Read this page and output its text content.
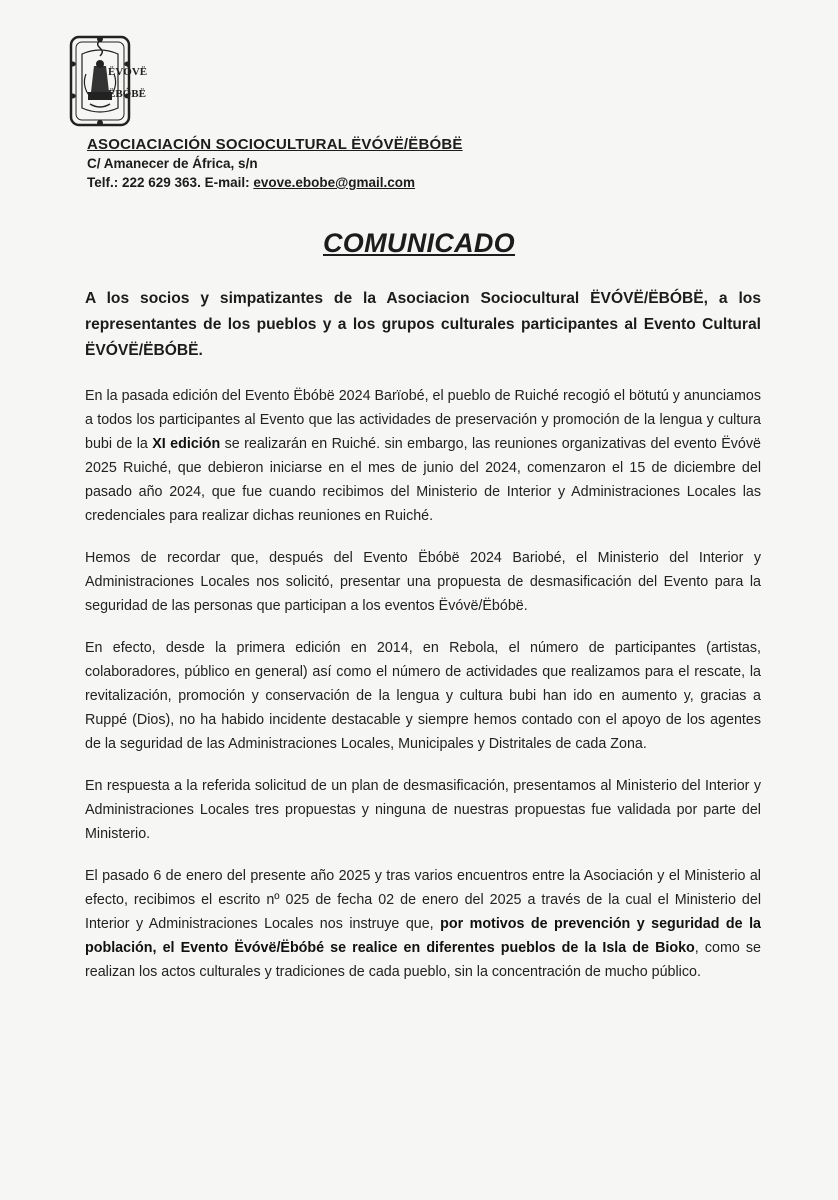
ËVÓVË
ËBÓBË

ASOCIACIACIÓN SOCIOCULTURAL ËVÓVË/ËBÓBË

C/ Amanecer de África, s/n

Telf.: 222 629 363. E-mail: evove.ebobe@gmail.com

COMUNICADO

A los socios y simpatizantes de la Asociacion Sociocultural ËVÓVË/ËBÓBË, a los representantes de los pueblos y a los grupos culturales participantes al Evento Cultural ËVÓVË/ËBÓBË.

En la pasada edición del Evento Ëbóbë 2024 Barïobé, el pueblo de Ruiché recogió el bötutú y anunciamos a todos los participantes al Evento que las actividades de preservación y promoción de la lengua y cultura bubi de la XI edición se realizarán en Ruiché. sin embargo, las reuniones organizativas del evento Ëvóvë 2025 Ruiché, que debieron iniciarse en el mes de junio del 2024, comenzaron el 15 de diciembre del pasado año 2024, que fue cuando recibimos del Ministerio de Interior y Administraciones Locales las credenciales para realizar dichas reuniones en Ruiché.

Hemos de recordar que, después del Evento Ëbóbë 2024 Bariobé, el Ministerio del Interior y Administraciones Locales nos solicitó, presentar una propuesta de desmasificación del Evento para la seguridad de las personas que participan a los eventos Ëvóvë/Ëbóbë.

En efecto, desde la primera edición en 2014, en Rebola, el número de participantes (artistas, colaboradores, público en general) así como el número de actividades que realizamos para el rescate, la revitalización, promoción y conservación de la lengua y cultura bubi han ido en aumento y, gracias a Ruppé (Dios), no ha habido incidente destacable y siempre hemos contado con el apoyo de los agentes de la seguridad de las Administraciones Locales, Municipales y Distritales de cada Zona.

En respuesta a la referida solicitud de un plan de desmasificación, presentamos al Ministerio del Interior y Administraciones Locales tres propuestas y ninguna de nuestras propuestas fue validada por parte del Ministerio.

El pasado 6 de enero del presente año 2025 y tras varios encuentros entre la Asociación y el Ministerio al efecto, recibimos el escrito nº 025 de fecha 02 de enero del 2025 a través de la cual el Ministerio del Interior y Administraciones Locales nos instruye que, por motivos de prevención y seguridad de la población, el Evento Ëvóvë/Ëbóbé se realice en diferentes pueblos de la Isla de Bioko, como se realizan los actos culturales y tradiciones de cada pueblo, sin la concentración de mucho público.
